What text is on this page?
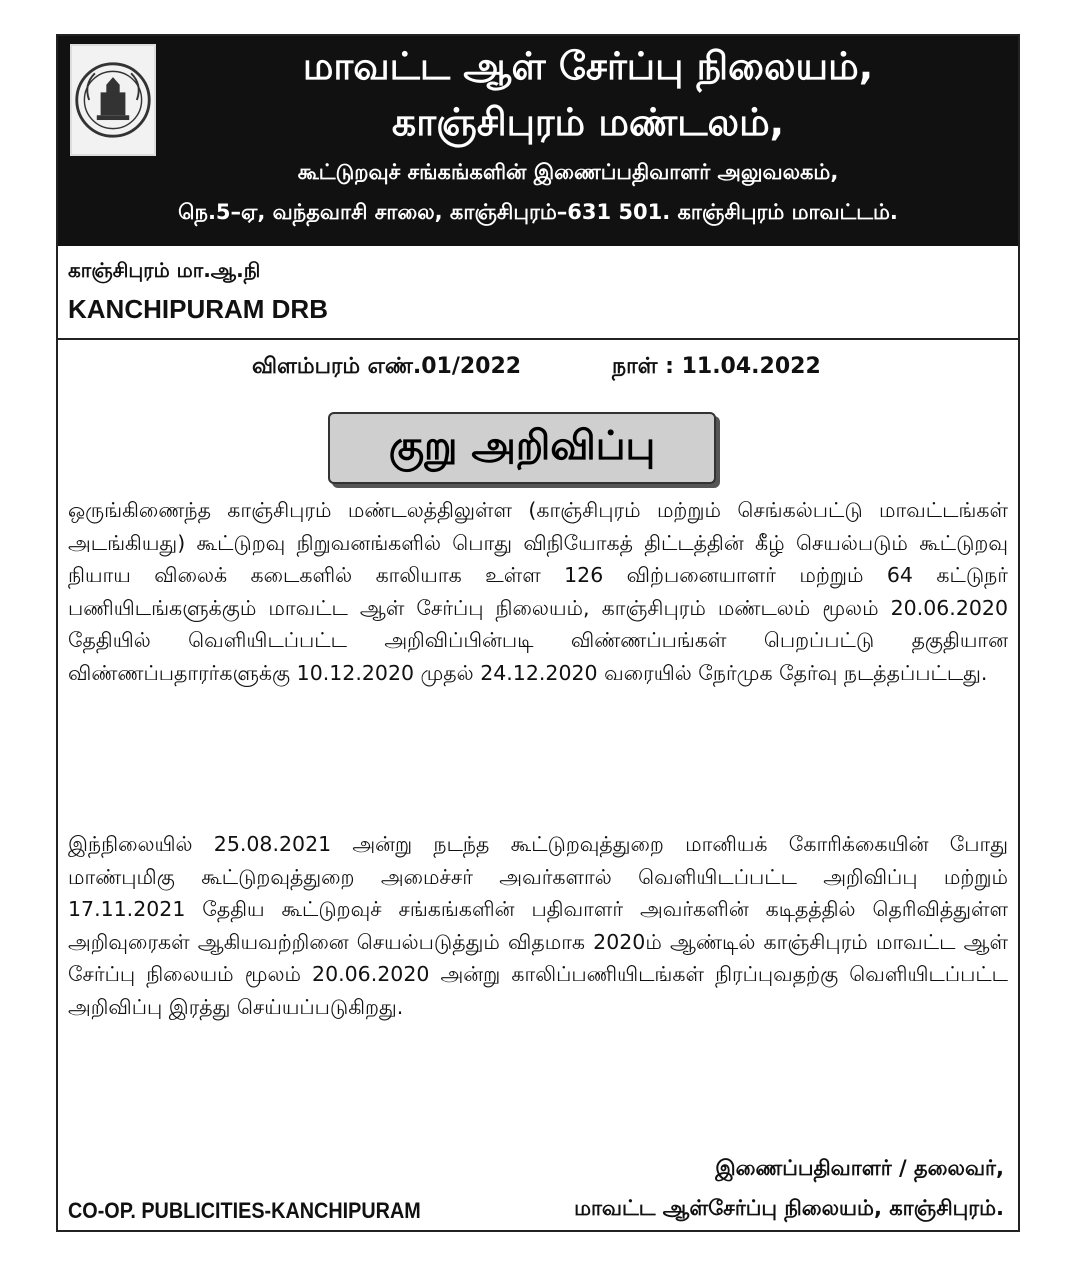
மாவட்ட ஆள் சேர்ப்பு நிலையம்,
காஞ்சிபுரம் மண்டலம்,
கூட்டுறவுச் சங்கங்களின் இணைப்பதிவாளர் அலுவலகம்,
நெ.5–ஏ, வந்தவாசி சாலை, காஞ்சிபுரம்–631 501. காஞ்சிபுரம் மாவட்டம்.
காஞ்சிபுரம் மா.ஆ.நி
KANCHIPURAM DRB
விளம்பரம் எண்.01/2022	நாள் : 11.04.2022
குறு அறிவிப்பு
ஒருங்கிணைந்த காஞ்சிபுரம் மண்டலத்திலுள்ள (காஞ்சிபுரம் மற்றும் செங்கல்பட்டு மாவட்டங்கள் அடங்கியது) கூட்டுறவு நிறுவனங்களில் பொது விநியோகத் திட்டத்தின் கீழ் செயல்படும் கூட்டுறவு நியாய விலைக் கடைகளில் காலியாக உள்ள 126 விற்பனையாளர் மற்றும் 64 கட்டுநர் பணியிடங்களுக்கும் மாவட்ட ஆள் சேர்ப்பு நிலையம், காஞ்சிபுரம் மண்டலம் மூலம் 20.06.2020 தேதியில் வெளியிடப்பட்ட அறிவிப்பின்படி விண்ணப்பங்கள் பெறப்பட்டு தகுதியான விண்ணப்பதாரர்களுக்கு 10.12.2020 முதல் 24.12.2020 வரையில் நேர்முக தேர்வு நடத்தப்பட்டது.
இந்நிலையில் 25.08.2021 அன்று நடந்த கூட்டுறவுத்துறை மானியக் கோரிக்கையின் போது மாண்புமிகு கூட்டுறவுத்துறை அமைச்சர் அவர்களால் வெளியிடப்பட்ட அறிவிப்பு மற்றும் 17.11.2021 தேதிய கூட்டுறவுச் சங்கங்களின் பதிவாளர் அவர்களின் கடிதத்தில் தெரிவித்துள்ள அறிவுரைகள் ஆகியவற்றினை செயல்படுத்தும் விதமாக 2020ம் ஆண்டில் காஞ்சிபுரம் மாவட்ட ஆள் சேர்ப்பு நிலையம் மூலம் 20.06.2020 அன்று காலிப்பணியிடங்கள் நிரப்புவதற்கு வெளியிடப்பட்ட அறிவிப்பு இரத்து செய்யப்படுகிறது.
இணைப்பதிவாளர் / தலைவர்,
CO-OP. PUBLICITIES-KANCHIPURAM	மாவட்ட ஆள்சேர்ப்பு நிலையம், காஞ்சிபுரம்.
